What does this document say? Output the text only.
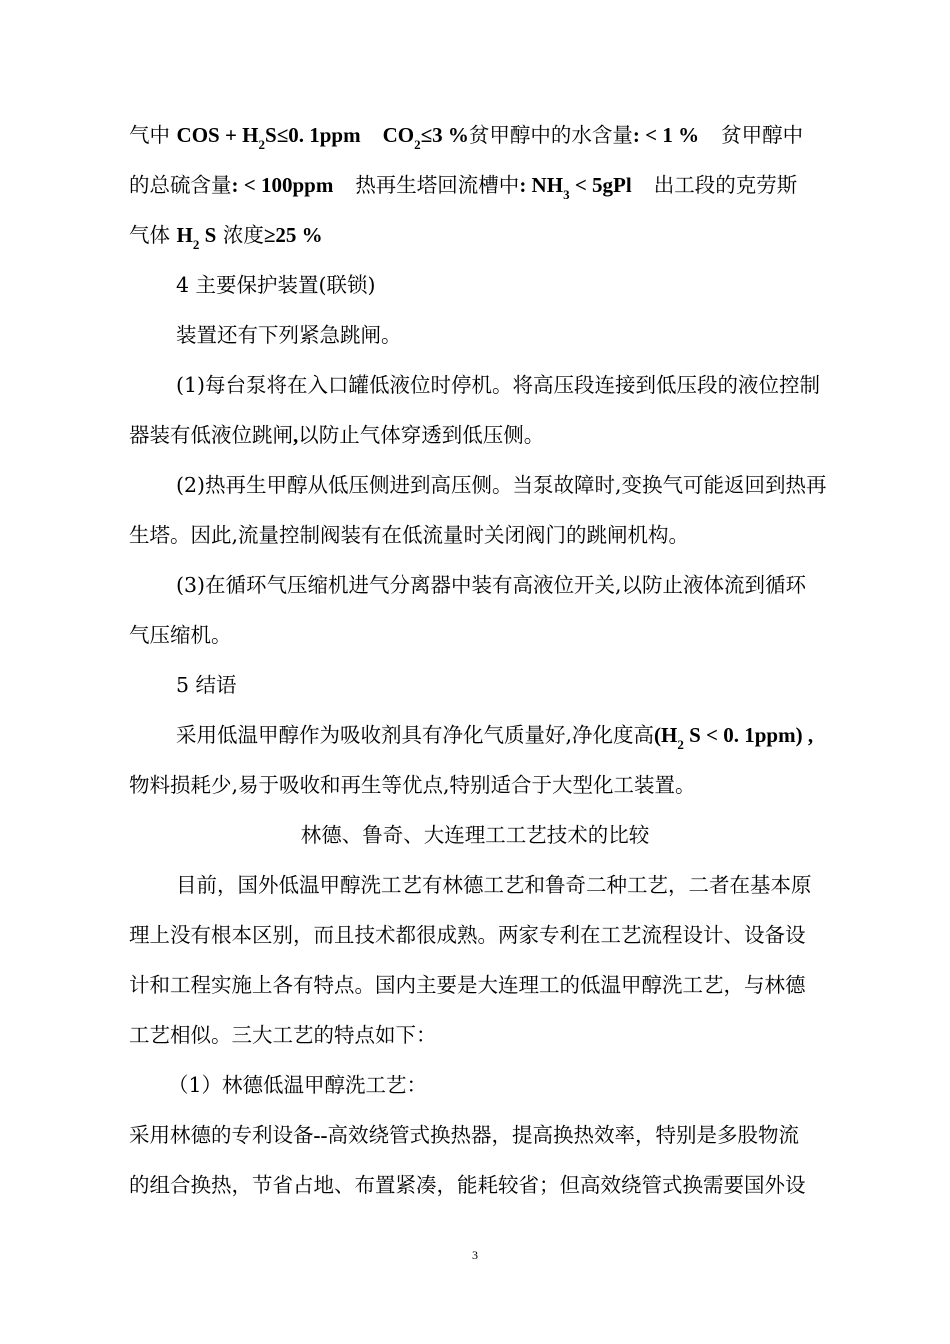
气中 COS + $H_2S\le 0$. 1ppm $CO_2\le 3$ %贫甲醇中的水含量: < 1 % 贫甲醇中
的总硫含量: < 100ppm 热再生塔回流槽中: $NH_3 < 5gPl$ 出工段的克劳斯
气体 $H_2$ S 浓度≥25 %
4 主要保护装置(联锁)
装置还有下列紧急跳闸。
(1)每台泵将在入口罐低液位时停机。将高压段连接到低压段的液位控制
器装有低液位跳闸,以防止气体穿透到低压侧。
(2)热再生甲醇从低压侧进到高压侧。当泵故障时,变换气可能返回到热再
生塔。因此,流量控制阀装有在低流量时关闭阀门的跳闸机构。
(3)在循环气压缩机进气分离器中装有高液位开关,以防止液体流到循环
气压缩机。
5 结语
采用低温甲醇作为吸收剂具有净化气质量好,净化度高($H_2$ S < 0. 1ppm) ,
物料损耗少,易于吸收和再生等优点,特别适合于大型化工装置。
林德、鲁奇、大连理工工艺技术的比较
目前，国外低温甲醇洗工艺有林德工艺和鲁奇二种工艺，二者在基本原
理上没有根本区别，而且技术都很成熟。两家专利在工艺流程设计、设备设
计和工程实施上各有特点。国内主要是大连理工的低温甲醇洗工艺，与林德
工艺相似。三大工艺的特点如下：
（1）林德低温甲醇洗工艺：
采用林德的专利设备--高效绕管式换热器，提高换热效率，特别是多股物流
的组合换热，节省占地、布置紧凑，能耗较省；但高效绕管式换需要国外设
3
